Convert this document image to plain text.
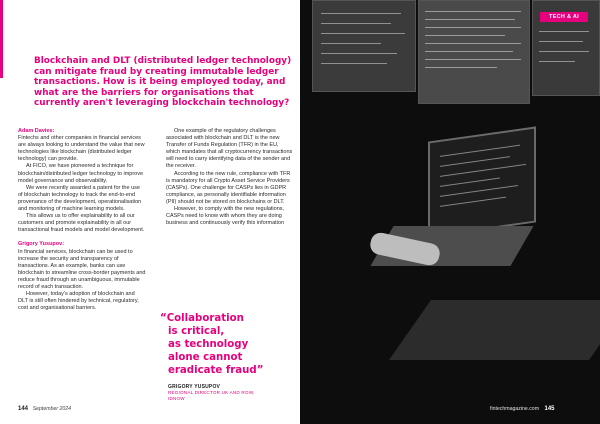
Blockchain and DLT (distributed ledger technology) can mitigate fraud by creating immutable ledger transactions. How is it being employed today, and what are the barriers for organisations that currently aren't leveraging blockchain technology?

Adam Davies:

Fintechs and other companies in financial services are always looking to understand the value that new technologies like blockchain (distributed ledger technology) can provide.

At FICO, we have pioneered a technique for blockchain/distributed ledger technology to improve model governance and observability.

We were recently awarded a patent for the use of blockchain technology to track the end-to-end provenance of the development, operationalisation and monitoring of machine learning models.

This allows us to offer explainability to all our customers and promote explainability in all our transactional fraud models and model development.

Grigory Yusupov:

In financial services, blockchain can be used to increase the security and transparency of transactions. As an example, banks can use blockchain to streamline cross-border payments and reduce fraud through an unambiguous, immutable record of each transaction.

However, today's adoption of blockchain and DLT is still often hindered by technical, regulatory, cost and organisational barriers.

One example of the regulatory challenges associated with blockchain and DLT is the new Transfer of Funds Regulation (TFR) in the EU, which mandates that all cryptocurrency transactions will need to carry identifying data of the sender and the receiver.

According to the new rule, compliance with TFR is mandatory for all Crypto Asset Service Providers (CASPs). One challenge for CASPs lies in GDPR compliance, as personally identifiable information (PII) should not be stored on blockchains or DLT.

However, to comply with the new regulations, CASPs need to know with whom they are doing business and continuously verify this information

“Collaboration
is critical,
as technology
alone cannot
eradicate fraud”
GRIGORY YUSUPOV
REGIONAL DIRECTOR UK AND ROW,
IDNOW
144 September 2024
TECH & AI
fintechmagazine.com 145
